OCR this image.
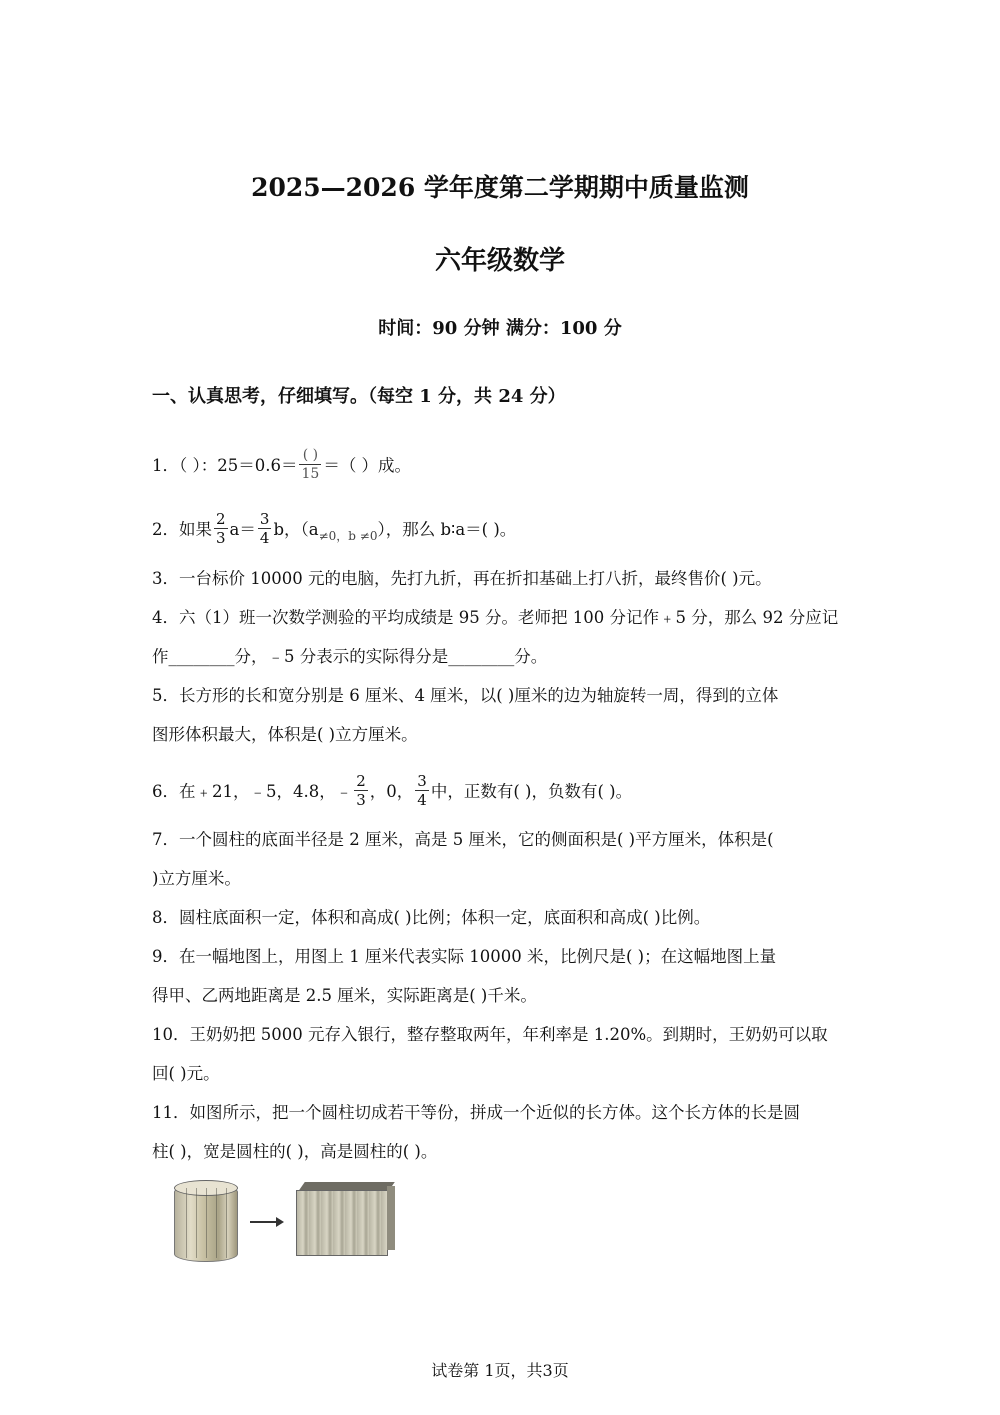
2025—2026 学年度第二学期期中质量监测
六年级数学
时间：90 分钟 满分：100 分
一、认真思考，仔细填写。（每空 1 分，共 24 分）
1．（ ）：$25=0.6= \frac{( )}{15}$ ＝（ ）成。
2．如果 $\frac{2}{3} a= \frac{3}{4}$ b，$(a_{\ne 0,b \ne 0})$，那么 b∶a＝( )。
3．一台标价 10000 元的电脑，先打九折，再在折扣基础上打八折，最终售价( )元。
4．六（1）班一次数学测验的平均成绩是 95 分。老师把 100 分记作﹢5 分，那么 92 分应记
作________分，﹣5 分表示的实际得分是________分。
5．长方形的长和宽分别是 6 厘米、4 厘米，以( )厘米的边为轴旋转一周，得到的立体
图形体积最大，体积是( )立方厘米。
6．在﹢21，﹣5，4.8，﹣ $\frac{2}{3}$ ，0， $\frac{3}{4}$ 中，正数有( )，负数有( )。
7．一个圆柱的底面半径是 2 厘米，高是 5 厘米，它的侧面积是( )平方厘米，体积是(
)立方厘米。
8．圆柱底面积一定，体积和高成( )比例；体积一定，底面积和高成( )比例。
9．在一幅地图上，用图上 1 厘米代表实际 10000 米，比例尺是( )；在这幅地图上量
得甲、乙两地距离是 2.5 厘米，实际距离是( )千米。
10．王奶奶把 5000 元存入银行，整存整取两年，年利率是 1.20%。到期时，王奶奶可以取
回( )元。
11．如图所示，把一个圆柱切成若干等份，拼成一个近似的长方体。这个长方体的长是圆
柱( )，宽是圆柱的( )，高是圆柱的( )。
试卷第 1页，共3页
